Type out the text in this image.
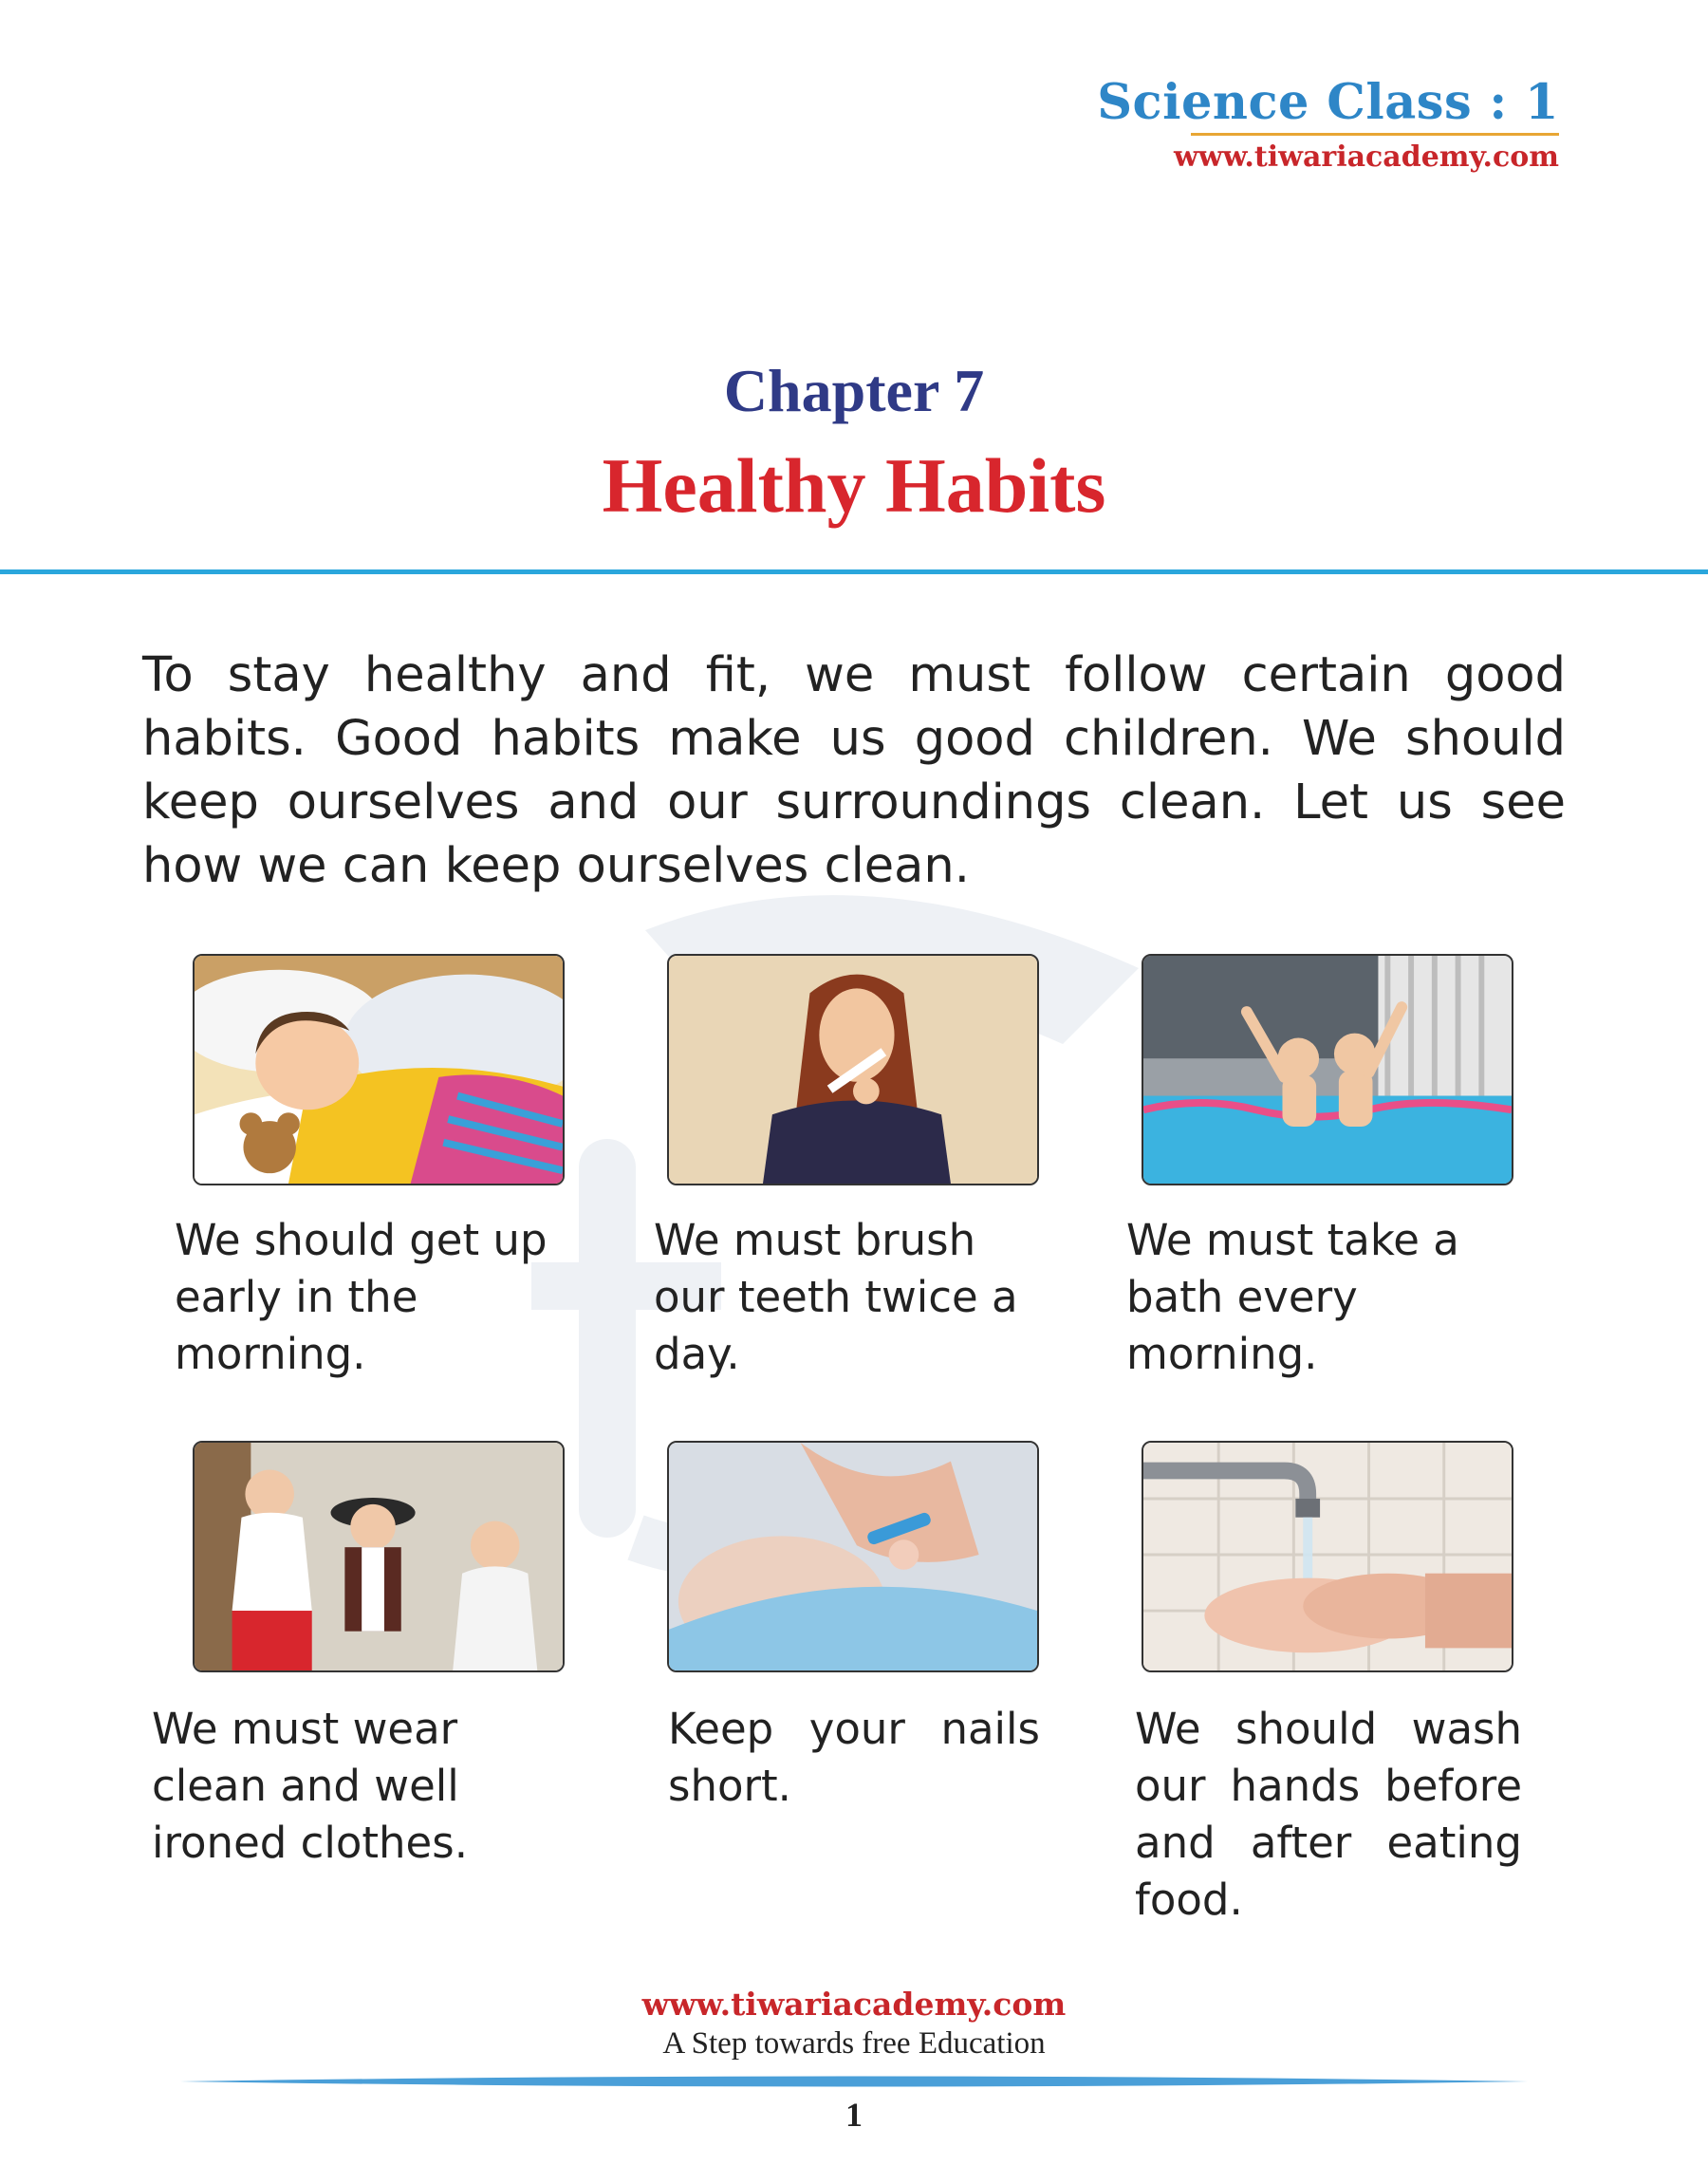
Science Class : 1
www.tiwariacademy.com
Chapter 7
Healthy Habits
To stay healthy and fit, we must follow certain good habits. Good habits make us good children. We should keep ourselves and our surroundings clean. Let us see how we can keep ourselves clean.
We should get up early in the morning.
We must brush our teeth twice a day.
We must take a bath every morning.
We must wear clean and well ironed clothes.
Keep your nails short.
We should wash our hands before and after eating food.
www.tiwariacademy.com
A Step towards free Education
1
